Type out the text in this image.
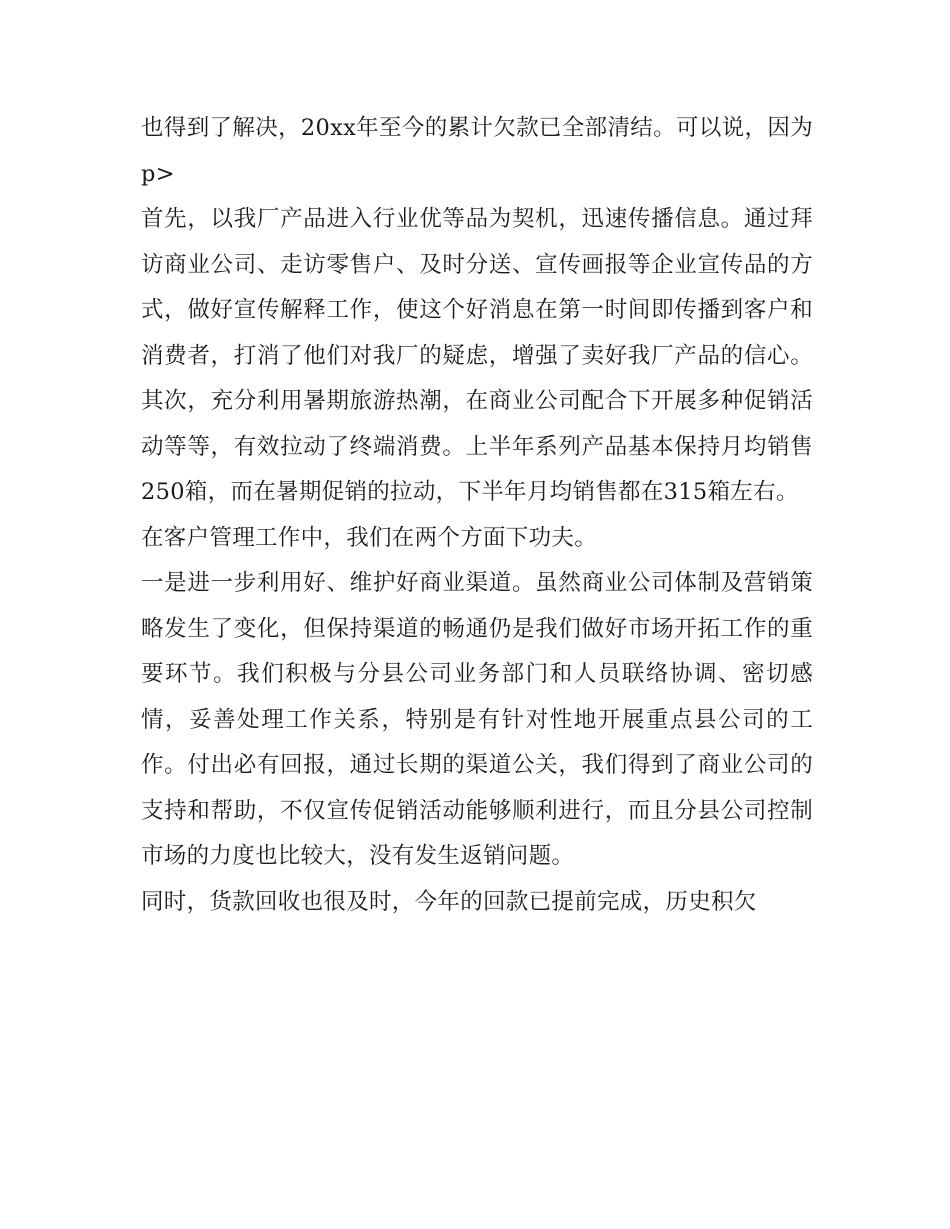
也得到了解决，20xx年至今的累计欠款已全部清结。可以说，因为p>

首先，以我厂产品进入行业优等品为契机，迅速传播信息。通过拜访商业公司、走访零售户、及时分送、宣传画报等企业宣传品的方式，做好宣传解释工作，使这个好消息在第一时间即传播到客户和消费者，打消了他们对我厂的疑虑，增强了卖好我厂产品的信心。其次，充分利用暑期旅游热潮，在商业公司配合下开展多种促销活动等等，有效拉动了终端消费。上半年系列产品基本保持月均销售250箱，而在暑期促销的拉动，下半年月均销售都在315箱左右。

在客户管理工作中，我们在两个方面下功夫。

一是进一步利用好、维护好商业渠道。虽然商业公司体制及营销策略发生了变化，但保持渠道的畅通仍是我们做好市场开拓工作的重要环节。我们积极与分县公司业务部门和人员联络协调、密切感情，妥善处理工作关系，特别是有针对性地开展重点县公司的工作。付出必有回报，通过长期的渠道公关，我们得到了商业公司的支持和帮助，不仅宣传促销活动能够顺利进行，而且分县公司控制市场的力度也比较大，没有发生返销问题。

同时，货款回收也很及时，今年的回款已提前完成，历史积欠
